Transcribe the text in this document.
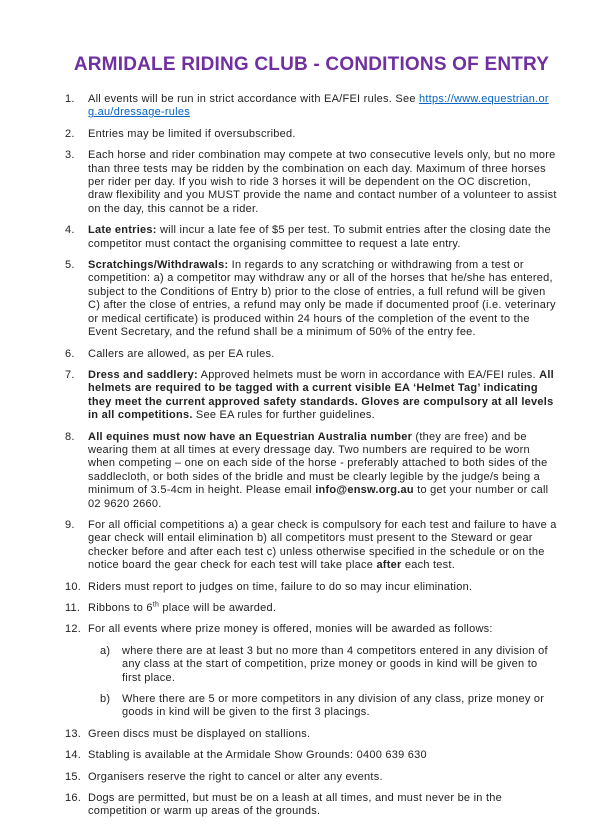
ARMIDALE RIDING CLUB - CONDITIONS OF ENTRY
1.	All events will be run in strict accordance with EA/FEI rules. See https://www.equestrian.org.au/dressage-rules
2.	Entries may be limited if oversubscribed.
3.	Each horse and rider combination may compete at two consecutive levels only, but no more than three tests may be ridden by the combination on each day. Maximum of three horses per rider per day. If you wish to ride 3 horses it will be dependent on the OC discretion, draw flexibility and you MUST provide the name and contact number of a volunteer to assist on the day, this cannot be a rider.
4.	Late entries: will incur a late fee of $5 per test. To submit entries after the closing date the competitor must contact the organising committee to request a late entry.
5.	Scratchings/Withdrawals: In regards to any scratching or withdrawing from a test or competition: a) a competitor may withdraw any or all of the horses that he/she has entered, subject to the Conditions of Entry b) prior to the close of entries, a full refund will be given C) after the close of entries, a refund may only be made if documented proof (i.e. veterinary or medical certificate) is produced within 24 hours of the completion of the event to the Event Secretary, and the refund shall be a minimum of 50% of the entry fee.
6.	Callers are allowed, as per EA rules.
7.	Dress and saddlery: Approved helmets must be worn in accordance with EA/FEI rules. All helmets are required to be tagged with a current visible EA ‘Helmet Tag’ indicating they meet the current approved safety standards. Gloves are compulsory at all levels in all competitions. See EA rules for further guidelines.
8.	All equines must now have an Equestrian Australia number (they are free) and be wearing them at all times at every dressage day. Two numbers are required to be worn when competing – one on each side of the horse - preferably attached to both sides of the saddlecloth, or both sides of the bridle and must be clearly legible by the judge/s being a minimum of 3.5-4cm in height. Please email info@ensw.org.au to get your number or call 02 9620 2660.
9.	For all official competitions a) a gear check is compulsory for each test and failure to have a gear check will entail elimination b) all competitors must present to the Steward or gear checker before and after each test c) unless otherwise specified in the schedule or on the notice board the gear check for each test will take place after each test.
10. Riders must report to judges on time, failure to do so may incur elimination.
11. Ribbons to 6th place will be awarded.
12. For all events where prize money is offered, monies will be awarded as follows:
a)	where there are at least 3 but no more than 4 competitors entered in any division of any class at the start of competition, prize money or goods in kind will be given to first place.
b)	Where there are 5 or more competitors in any division of any class, prize money or goods in kind will be given to the first 3 placings.
13. Green discs must be displayed on stallions.
14. Stabling is available at the Armidale Show Grounds: 0400 639 630
15. Organisers reserve the right to cancel or alter any events.
16. Dogs are permitted, but must be on a leash at all times, and must never be in the competition or warm up areas of the grounds.
